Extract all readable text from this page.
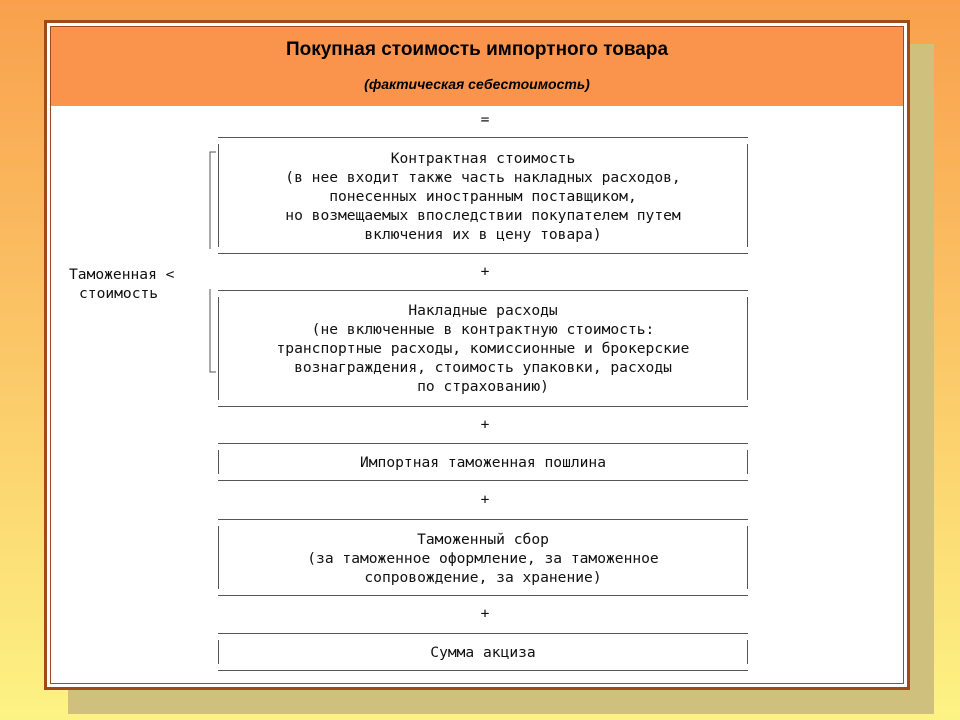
Покупная стоимость импортного товара
(фактическая себестоимость)
=
Таможенная <
стоимость
Контрактная стоимость
(в нее входит также часть накладных расходов,
понесенных иностранным поставщиком,
но возмещаемых впоследствии покупателем путем
включения их в цену товара)
+
Накладные расходы
(не включенные в контрактную стоимость:
транспортные расходы, комиссионные и брокерские
вознаграждения, стоимость упаковки, расходы
по страхованию)
+
Импортная таможенная пошлина
+
Таможенный сбор
(за таможенное оформление, за таможенное
сопровождение, за хранение)
+
Сумма акциза
